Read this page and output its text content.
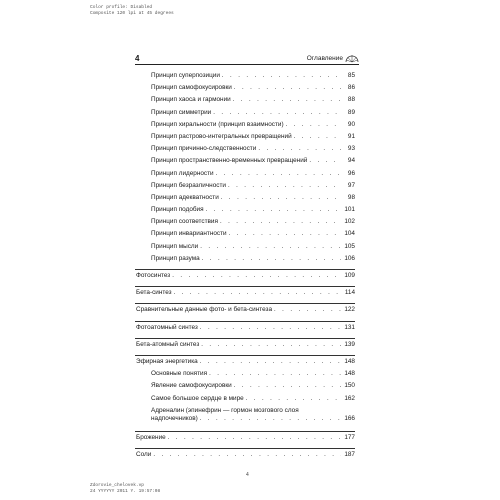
Color profile: Disabled
Composite 120 lpi at 45 degrees
4	Оглавление
Принцип суперпозиции . . .	85
Принцип самофокусировки . . .	86
Принцип хаоса и гармонии . . .	88
Принцип симметрии . . .	89
Принцип хиральности (принцип взаимности) . . .	90
Принцип растрово-интегральных превращений . . .	91
Принцип причинно-следственности . . .	93
Принцип пространственно-временных превращений . . .	94
Принцип лидерности . . .	96
Принцип безразличности . . .	97
Принцип адекватности . . .	98
Принцип подобия . . .	101
Принцип соответствия . . .	102
Принцип инвариантности . . .	104
Принцип мысли . . .	105
Принцип разума . . .	106
Фотосинтез . . .	109
Бета-синтез . . .	114
Сравнительные данные фото- и бета-синтеза . . .	122
Фотоатомный синтез . . .	131
Бета-атомный синтез . . .	139
Эфирная энергетика . . .	148
Основные понятия . . .	148
Явление самофокусировки . . .	150
Самое большое сердце в мире . . .	162
Адреналин (эпинефрин — гормон мозгового слоя
надпочечников) . . .	166
Брожение . . .	177
Соли . . .	187
4
Zdorovie_chelovek.vp
24 YYYYYY 2011 Y. 19:57:08
